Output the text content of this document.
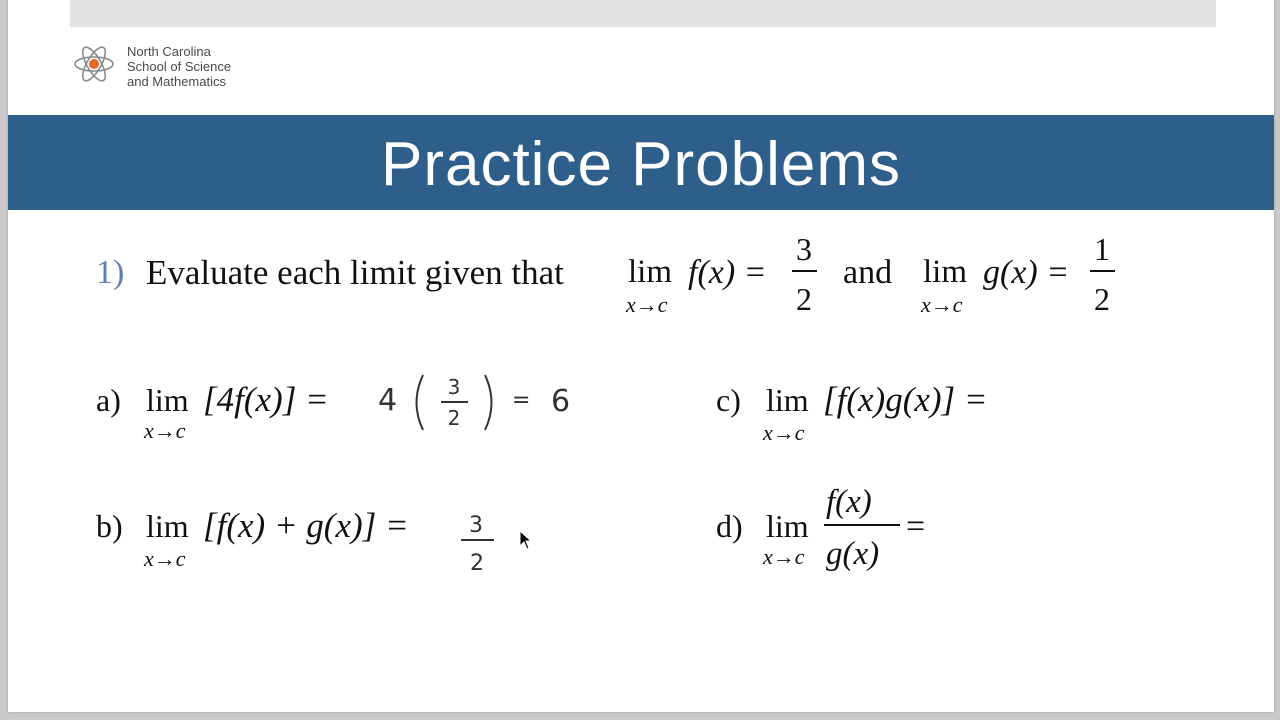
North Carolina
School of Science
and Mathematics
Practice Problems
1) Evaluate each limit given that lim
x→c
f(x) =
3
2
and lim
x→c
g(x) =
1
2
a) lim
x→c
[4f(x)] = 4	3
2
= 6
b) lim
x→c
[f(x) + g(x)] =	3
2
c) lim
x→c
[f(x)g(x)] =
d) lim
x→c
f(x)
g(x)
=
